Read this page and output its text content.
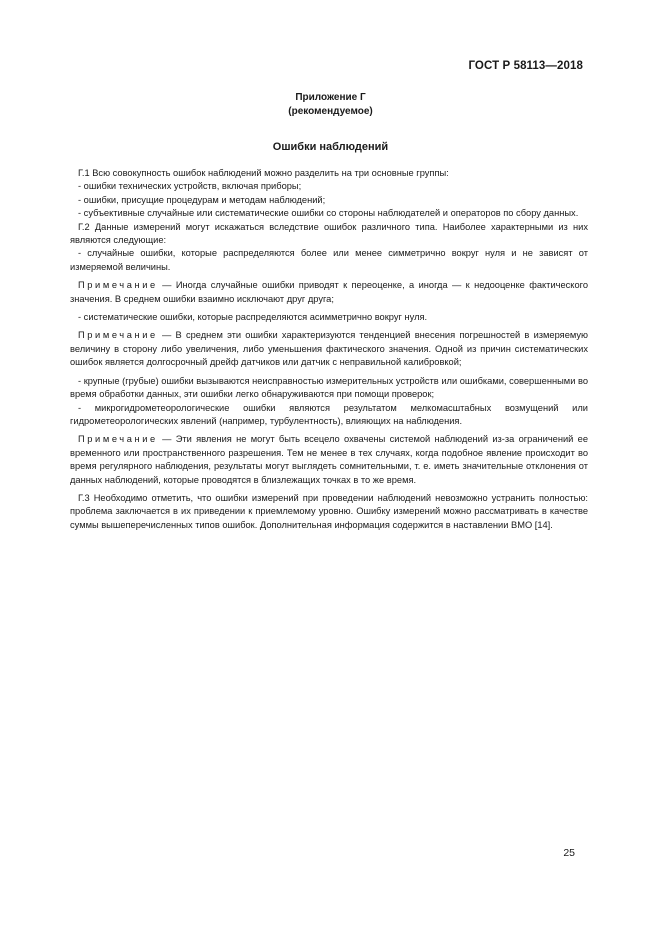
ГОСТ Р 58113—2018
Приложение Г
(рекомендуемое)
Ошибки наблюдений

Г.1 Всю совокупность ошибок наблюдений можно разделить на три основные группы:

- ошибки технических устройств, включая приборы;

- ошибки, присущие процедурам и методам наблюдений;

- субъективные случайные или систематические ошибки со стороны наблюдателей и операторов по сбору данных.

Г.2 Данные измерений могут искажаться вследствие ошибок различного типа. Наиболее характерными из них являются следующие:

- случайные ошибки, которые распределяются более или менее симметрично вокруг нуля и не зависят от измеряемой величины.

Примечание — Иногда случайные ошибки приводят к переоценке, а иногда — к недооценке фактического значения. В среднем ошибки взаимно исключают друг друга;

- систематические ошибки, которые распределяются асимметрично вокруг нуля.

Примечание — В среднем эти ошибки характеризуются тенденцией внесения погрешностей в измеряемую величину в сторону либо увеличения, либо уменьшения фактического значения. Одной из причин систематических ошибок является долгосрочный дрейф датчиков или датчик с неправильной калибровкой;

- крупные (грубые) ошибки вызываются неисправностью измерительных устройств или ошибками, совершенными во время обработки данных, эти ошибки легко обнаруживаются при помощи проверок;

- микрогидрометеорологические ошибки являются результатом мелкомасштабных возмущений или гидрометеорологических явлений (например, турбулентность), влияющих на наблюдения.

Примечание — Эти явления не могут быть всецело охвачены системой наблюдений из-за ограничений ее временного или пространственного разрешения. Тем не менее в тех случаях, когда подобное явление происходит во время регулярного наблюдения, результаты могут выглядеть сомнительными, т. е. иметь значительные отклонения от данных наблюдений, которые проводятся в близлежащих точках в то же время.

Г.3 Необходимо отметить, что ошибки измерений при проведении наблюдений невозможно устранить полностью: проблема заключается в их приведении к приемлемому уровню. Ошибку измерений можно рассматривать в качестве суммы вышеперечисленных типов ошибок. Дополнительная информация содержится в наставлении ВМО [14].

25
